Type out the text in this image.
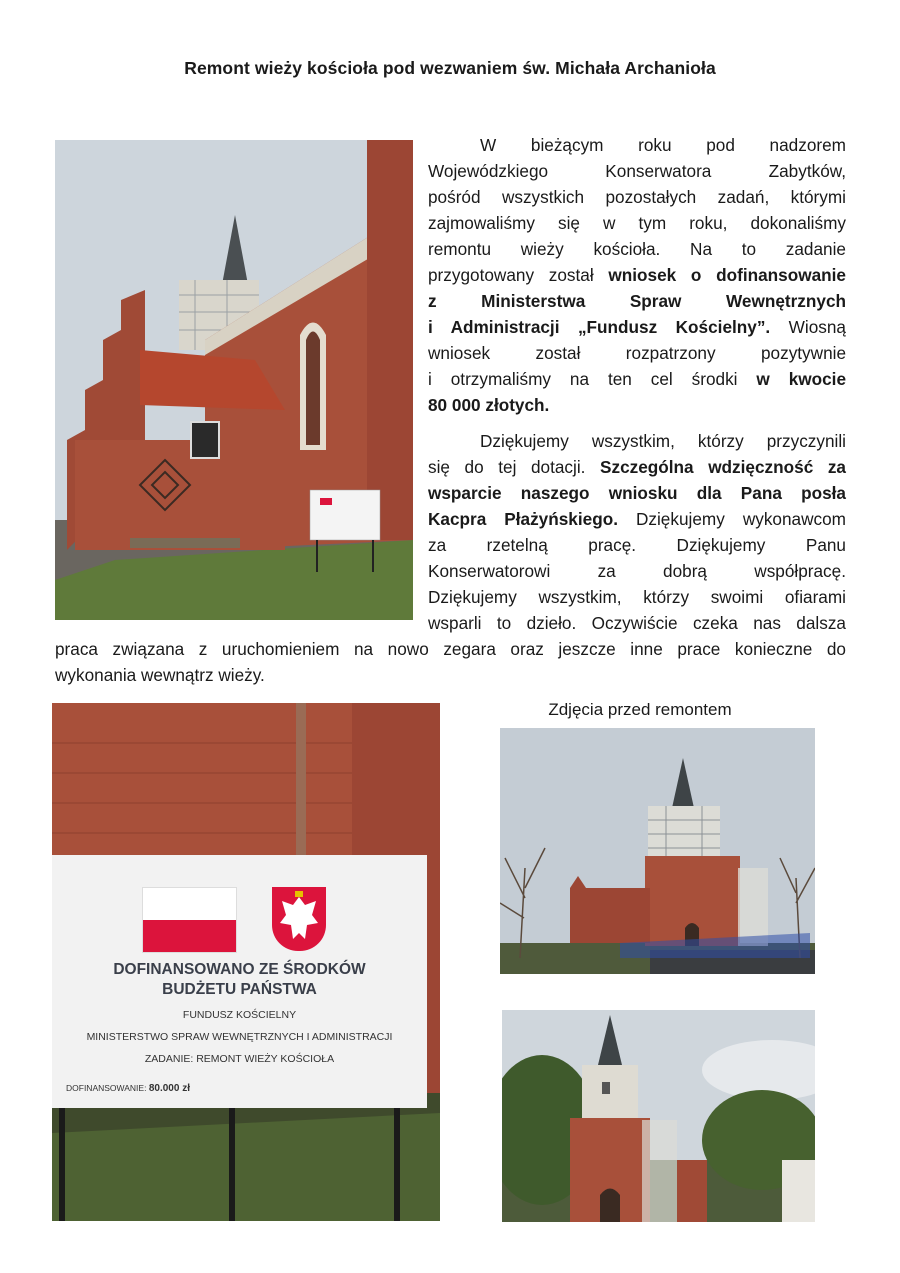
Remont wieży kościoła pod wezwaniem św. Michała Archanioła

W bieżącym roku pod nadzorem
Wojewódzkiego Konserwatora Zabytków,
pośród wszystkich pozostałych zadań, którymi
zajmowaliśmy się w tym roku, dokonaliśmy
remontu wieży kościoła. Na to zadanie
przygotowany został wniosek o dofinansowanie
z Ministerstwa Spraw Wewnętrznych
i Administracji „Fundusz Kościelny”. Wiosną
wniosek został rozpatrzony pozytywnie
i otrzymaliśmy na ten cel środki w kwocie
80 000 złotych.

Dziękujemy wszystkim, którzy przyczynili
się do tej dotacji. Szczególna wdzięczność za
wsparcie naszego wniosku dla Pana posła
Kacpra Płażyńskiego. Dziękujemy wykonawcom
za rzetelną pracę. Dziękujemy Panu
Konserwatorowi za dobrą współpracę.
Dziękujemy wszystkim, którzy swoimi ofiarami
wsparli to dzieło. Oczywiście czeka nas dalsza

praca związana z uruchomieniem na nowo zegara oraz jeszcze inne prace konieczne do
wykonania wewnątrz wieży.

DOFINANSOWANO ZE ŚRODKÓW
BUDŻETU PAŃSTWA
FUNDUSZ KOŚCIELNY
MINISTERSTWO SPRAW WEWNĘTRZNYCH I ADMINISTRACJI
ZADANIE: REMONT WIEŻY KOŚCIOŁA
DOFINANSOWANIE: 80.000 zł
Zdjęcia przed remontem
